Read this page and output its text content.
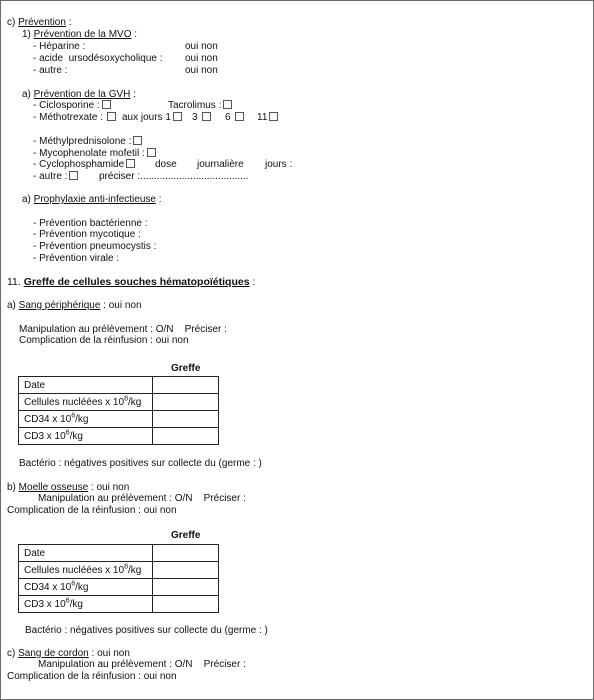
c) Prévention :
1) Prévention de la MVO :
- Héparine :	oui non
- acide  ursodésoxycholique : oui non
- autre :	oui non
a) Prévention de la GVH :
- Ciclosporine :	Tacrolimus :
- Méthotrexate :	aux jours 1	3	6	11
- Méthylprednisolone :
- Mycophenolate mofetil :
- Cyclophosphamide	dose journalière jours :
- autre :	préciser :.......................................
a) Prophylaxie anti-infectieuse :
- Prévention bactérienne :
- Prévention mycotique :
- Prévention pneumocystis :
- Prévention virale :
11. Greffe de cellules souches hématopoïétiques :
a) Sang périphérique : oui non
Manipulation au prélèvement : O/N    Préciser :
Complication de la réinfusion : oui non
Greffe
Date	
Cellules nucléées x $10^8/kg$	
CD34 x $10^6/kg$	
CD3 x $10^6/kg$	
Bactério : négatives positives sur collecte du (germe : )
b) Moelle osseuse : oui non
Manipulation au prélèvement : O/N    Préciser :
Complication de la réinfusion : oui non
Greffe
Date	
Cellules nucléées x $10^8/kg$	
CD34 x $10^6/kg$	
CD3 x $10^6/kg$	
Bactério : négatives positives sur collecte du (germe : )
c) Sang de cordon : oui non
Manipulation au prélèvement : O/N    Préciser :
Complication de la réinfusion : oui non
